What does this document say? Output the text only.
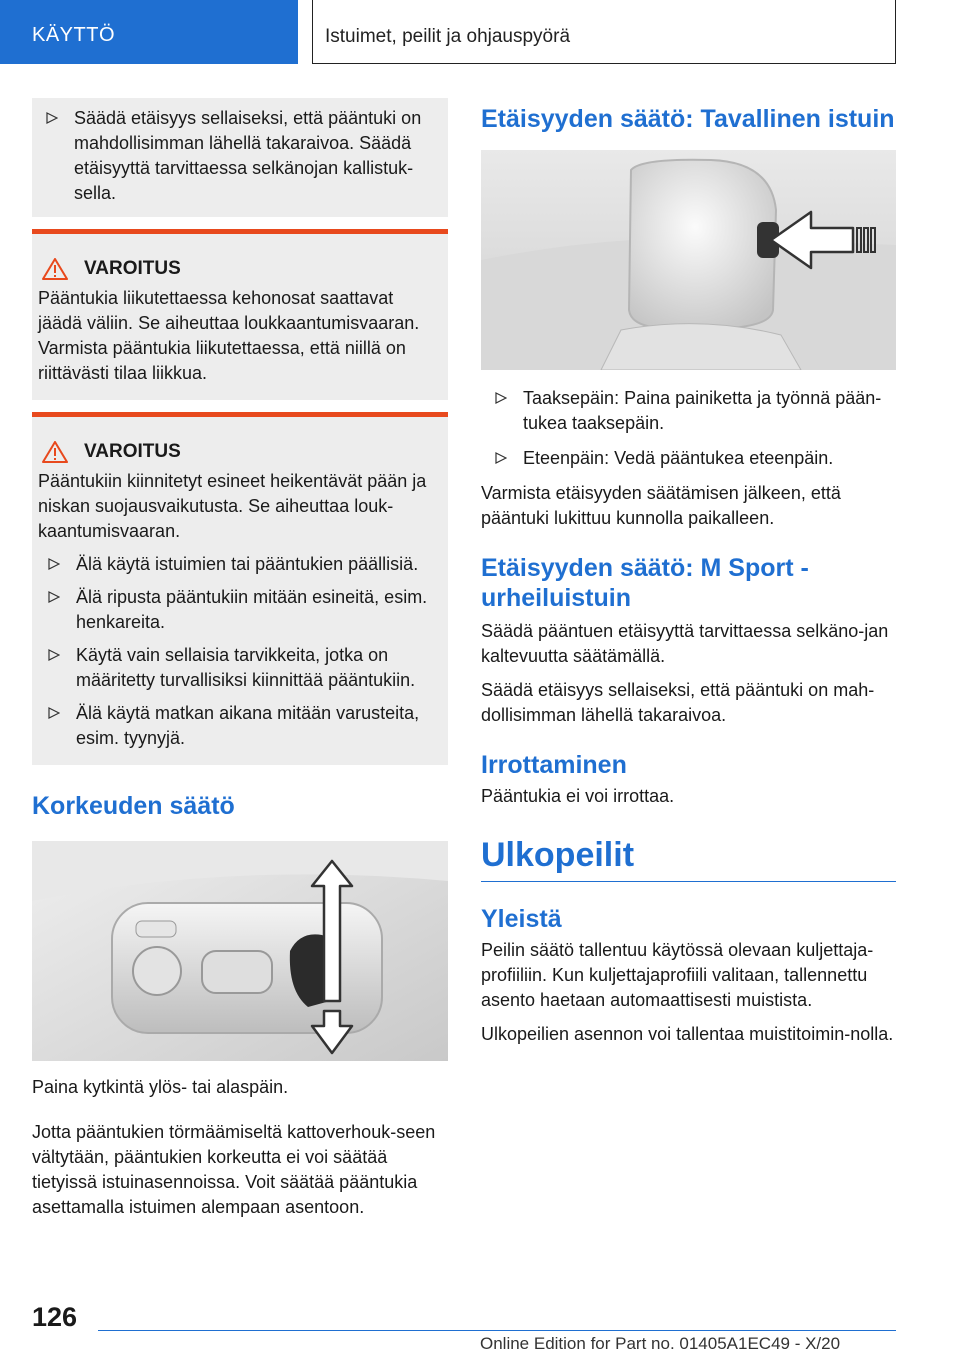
KÄYTTÖ	Istuimet, peilit ja ohjauspyörä
Säädä etäisyys sellaiseksi, että pääntuki on mahdollisimman lähellä takaraivoa. Säädä etäisyyttä tarvittaessa selkänojan kallistuk-sella.
VAROITUS

Pääntukia liikutettaessa kehonosat saattavat jäädä väliin. Se aiheuttaa loukkaantumisvaaran. Varmista pääntukia liikutettaessa, että niillä on riittävästi tilaa liikkua.

VAROITUS

Pääntukiin kiinnitetyt esineet heikentävät pään ja niskan suojausvaikutusta. Se aiheuttaa louk-kaantumisvaaran.

Älä käytä istuimien tai pääntukien päällisiä.
Älä ripusta pääntukiin mitään esineitä, esim. henkareita.
Käytä vain sellaisia tarvikkeita, jotka on määritetty turvallisiksi kiinnittää pääntukiin.
Älä käytä matkan aikana mitään varusteita, esim. tyynyjä.
Korkeuden säätö

Paina kytkintä ylös- tai alaspäin.

Jotta pääntukien törmäämiseltä kattoverhouk-seen vältytään, pääntukien korkeutta ei voi säätää tietyissä istuinasennoissa. Voit säätää pääntukia asettamalla istuimen alempaan asentoon.

Etäisyyden säätö: Tavallinen istuin
Taaksepäin: Paina painiketta ja työnnä pään-tukea taaksepäin.
Eteenpäin: Vedä pääntukea eteenpäin.

Varmista etäisyyden säätämisen jälkeen, että pääntuki lukittuu kunnolla paikalleen.

Etäisyyden säätö: M Sport -urheiluistuin

Säädä pääntuen etäisyyttä tarvittaessa selkäno-jan kaltevuutta säätämällä.

Säädä etäisyys sellaiseksi, että pääntuki on mah-dollisimman lähellä takaraivoa.

Irrottaminen

Pääntukia ei voi irrottaa.

Ulkopeilit
Yleistä

Peilin säätö tallentuu käytössä olevaan kuljettaja-profiiliin. Kun kuljettajaprofiili valitaan, tallennettu asento haetaan automaattisesti muistista.

Ulkopeilien asennon voi tallentaa muistitoimin-nolla.

126
Online Edition for Part no. 01405A1EC49 - X/20
